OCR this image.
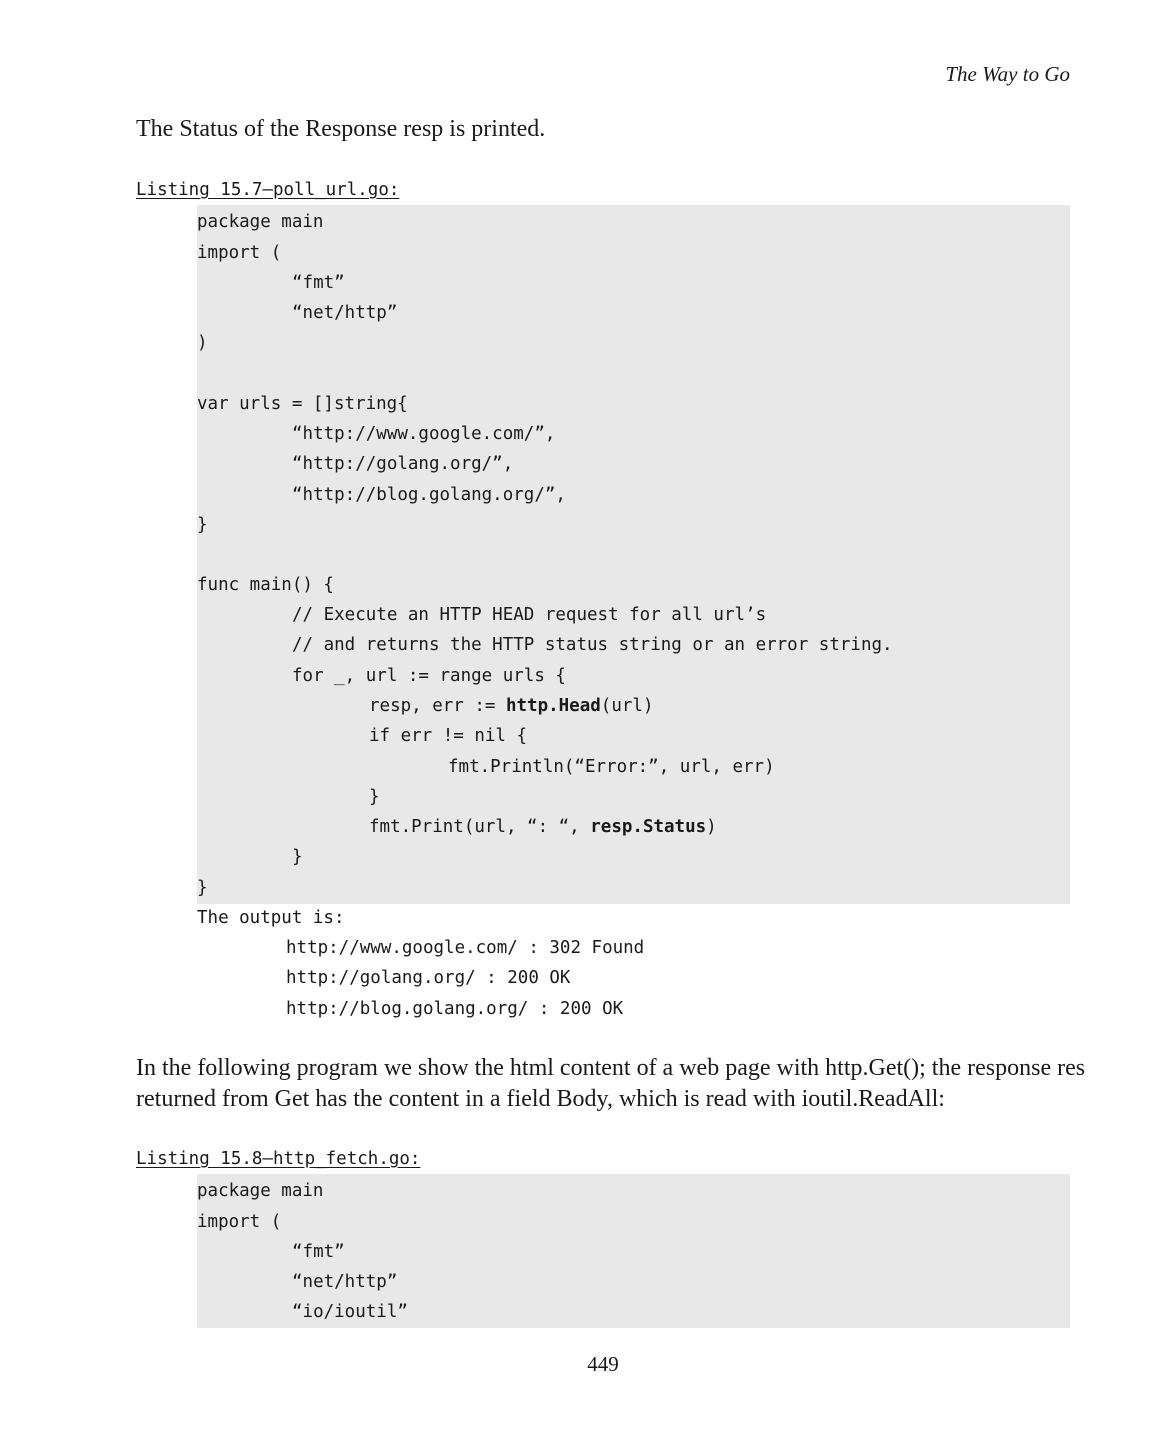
The Way to Go

The Status of the Response resp is printed.

Listing 15.7—poll_url.go:
package main
import (
“fmt”
“net/http”
)
var urls = []string{
“http://www.google.com/”,
“http://golang.org/”,
“http://blog.golang.org/”,
}
func main() {
// Execute an HTTP HEAD request for all url’s
// and returns the HTTP status string or an error string.
for _, url := range urls {
resp, err := http.Head(url)
if err != nil {
fmt.Println(“Error:”, url, err)
}
fmt.Print(url, “: “, resp.Status)
}
}
The output is:
http://www.google.com/ : 302 Found
http://golang.org/ : 200 OK
http://blog.golang.org/ : 200 OK

In the following program we show the html content of a web page with http.Get(); the response res

returned from Get has the content in a field Body, which is read with ioutil.ReadAll:

Listing 15.8—http_fetch.go:
package main
import (
“fmt”
“net/http”
“io/ioutil”
449
